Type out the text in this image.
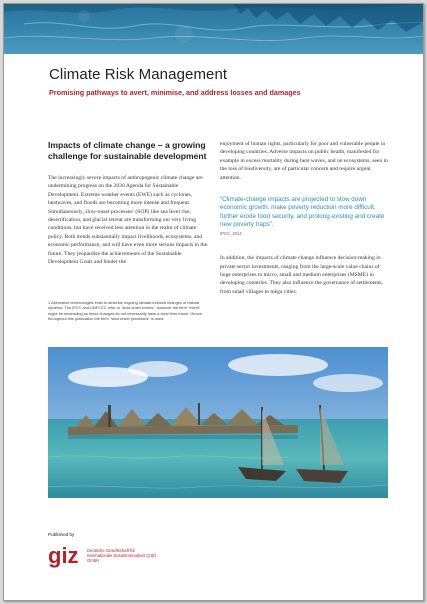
Climate Risk Management
Promising pathways to avert, minimise, and address losses and damages
Impacts of climate change – a growing challenge for sustainable development

The increasingly severe impacts of anthropogenic climate change are undermining progress on the 2030 Agenda for Sustainable Development. Extreme weather events (EWE) such as cyclones, heatwaves, and floods are becoming more intense and frequent. Simultaneously, slow-onset processes¹ (SOP) like sea level rise, desertification, and glacial retreat are transforming our very living conditions, but have received less attention in the realm of climate policy. Both trends substantially impact livelihoods, ecosystems, and economic performance, and will have even more serious impacts in the future. They jeopardise the achievements of the Sustainable Development Goals and hinder the

1 Alternative terminologies exist to describe ongoing climate-induced changes of natural systems. The IPCC and UNFCCC refer to "slow onset events", however the term "event" might be misleading as these changes do not necessarily have a clear time frame. Hence, throughout this publication the term "slow onset processes" is used.

enjoyment of human rights, particularly for poor and vulnerable people in developing countries. Adverse impacts on public health, manifested for example in excess mortality during heat waves, and on ecosystems, seen in the loss of biodiversity, are of particular concern and require urgent attention.

“Climate-change impacts are projected to slow down economic growth, make poverty reduction more difficult, further erode food security, and prolong existing and create new poverty traps”.

IPCC, 2014

In addition, the impacts of climate change influence decision-making in private sector investments, ranging from the large-scale value chains of huge enterprises to micro, small and medium enterprises (MSME) in developing countries. They also influence the governance of settlements, from small villages to mega cities.

Published by
giz Deutsche Gesellschaft für Internationale Zusammenarbeit (GIZ) GmbH
